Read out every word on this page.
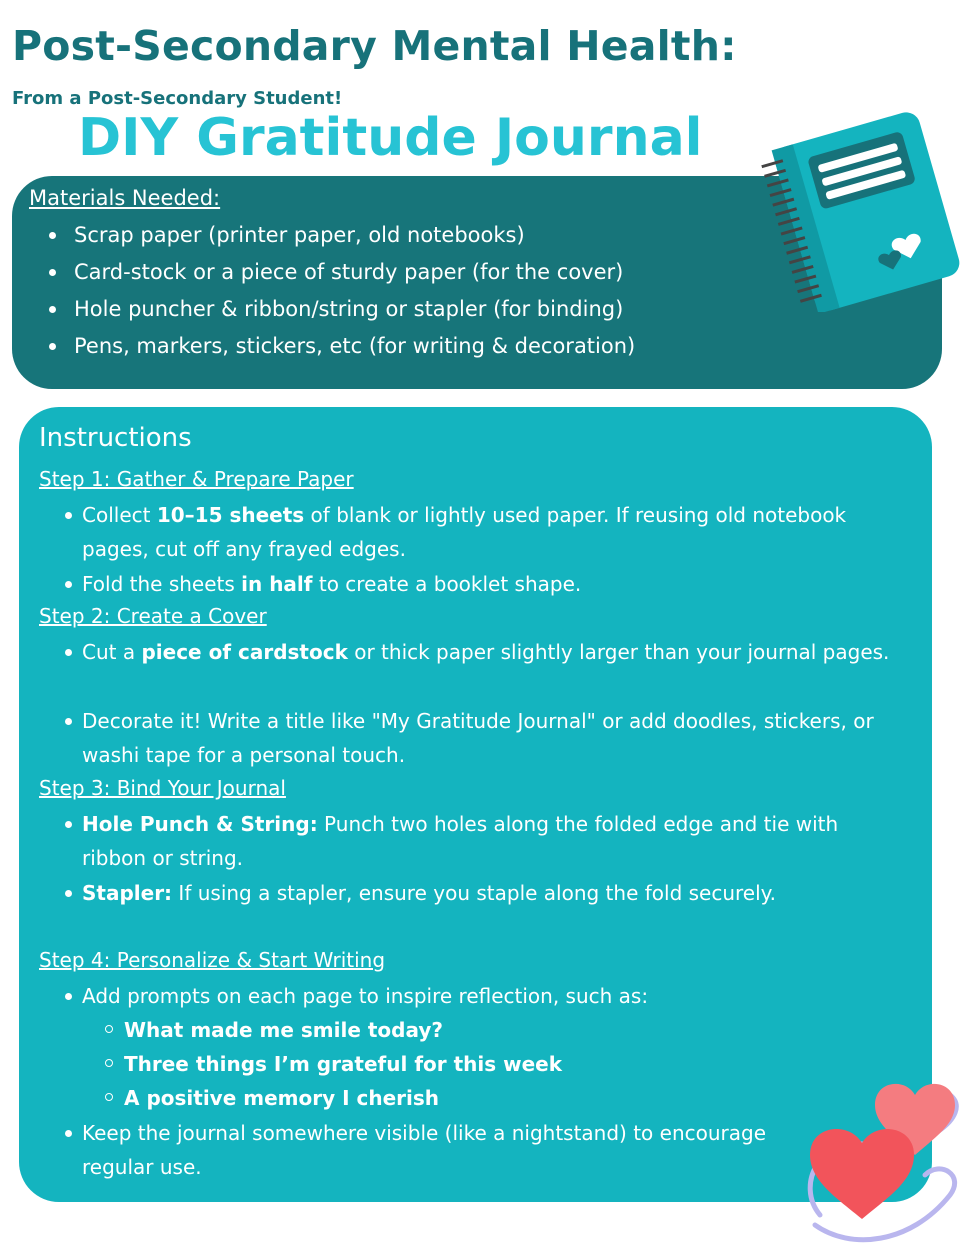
Post-Secondary Mental Health:
From a Post-Secondary Student!
DIY Gratitude Journal
Materials Needed:
Scrap paper (printer paper, old notebooks)
Card-stock or a piece of sturdy paper (for the cover)
Hole puncher & ribbon/string or stapler (for binding)
Pens, markers, stickers, etc (for writing & decoration)
Instructions
Step 1: Gather & Prepare Paper
Collect 10–15 sheets of blank or lightly used paper. If reusing old notebook pages, cut off any frayed edges.
Fold the sheets in half to create a booklet shape.
Step 2: Create a Cover
Cut a piece of cardstock or thick paper slightly larger than your journal pages.
Decorate it! Write a title like "My Gratitude Journal" or add doodles, stickers, or washi tape for a personal touch.
Step 3: Bind Your Journal
Hole Punch & String: Punch two holes along the folded edge and tie with ribbon or string.
Stapler: If using a stapler, ensure you staple along the fold securely.
Step 4: Personalize & Start Writing
Add prompts on each page to inspire reflection, such as:
What made me smile today?
Three things I’m grateful for this week
A positive memory I cherish
Keep the journal somewhere visible (like a nightstand) to encourage regular use.
